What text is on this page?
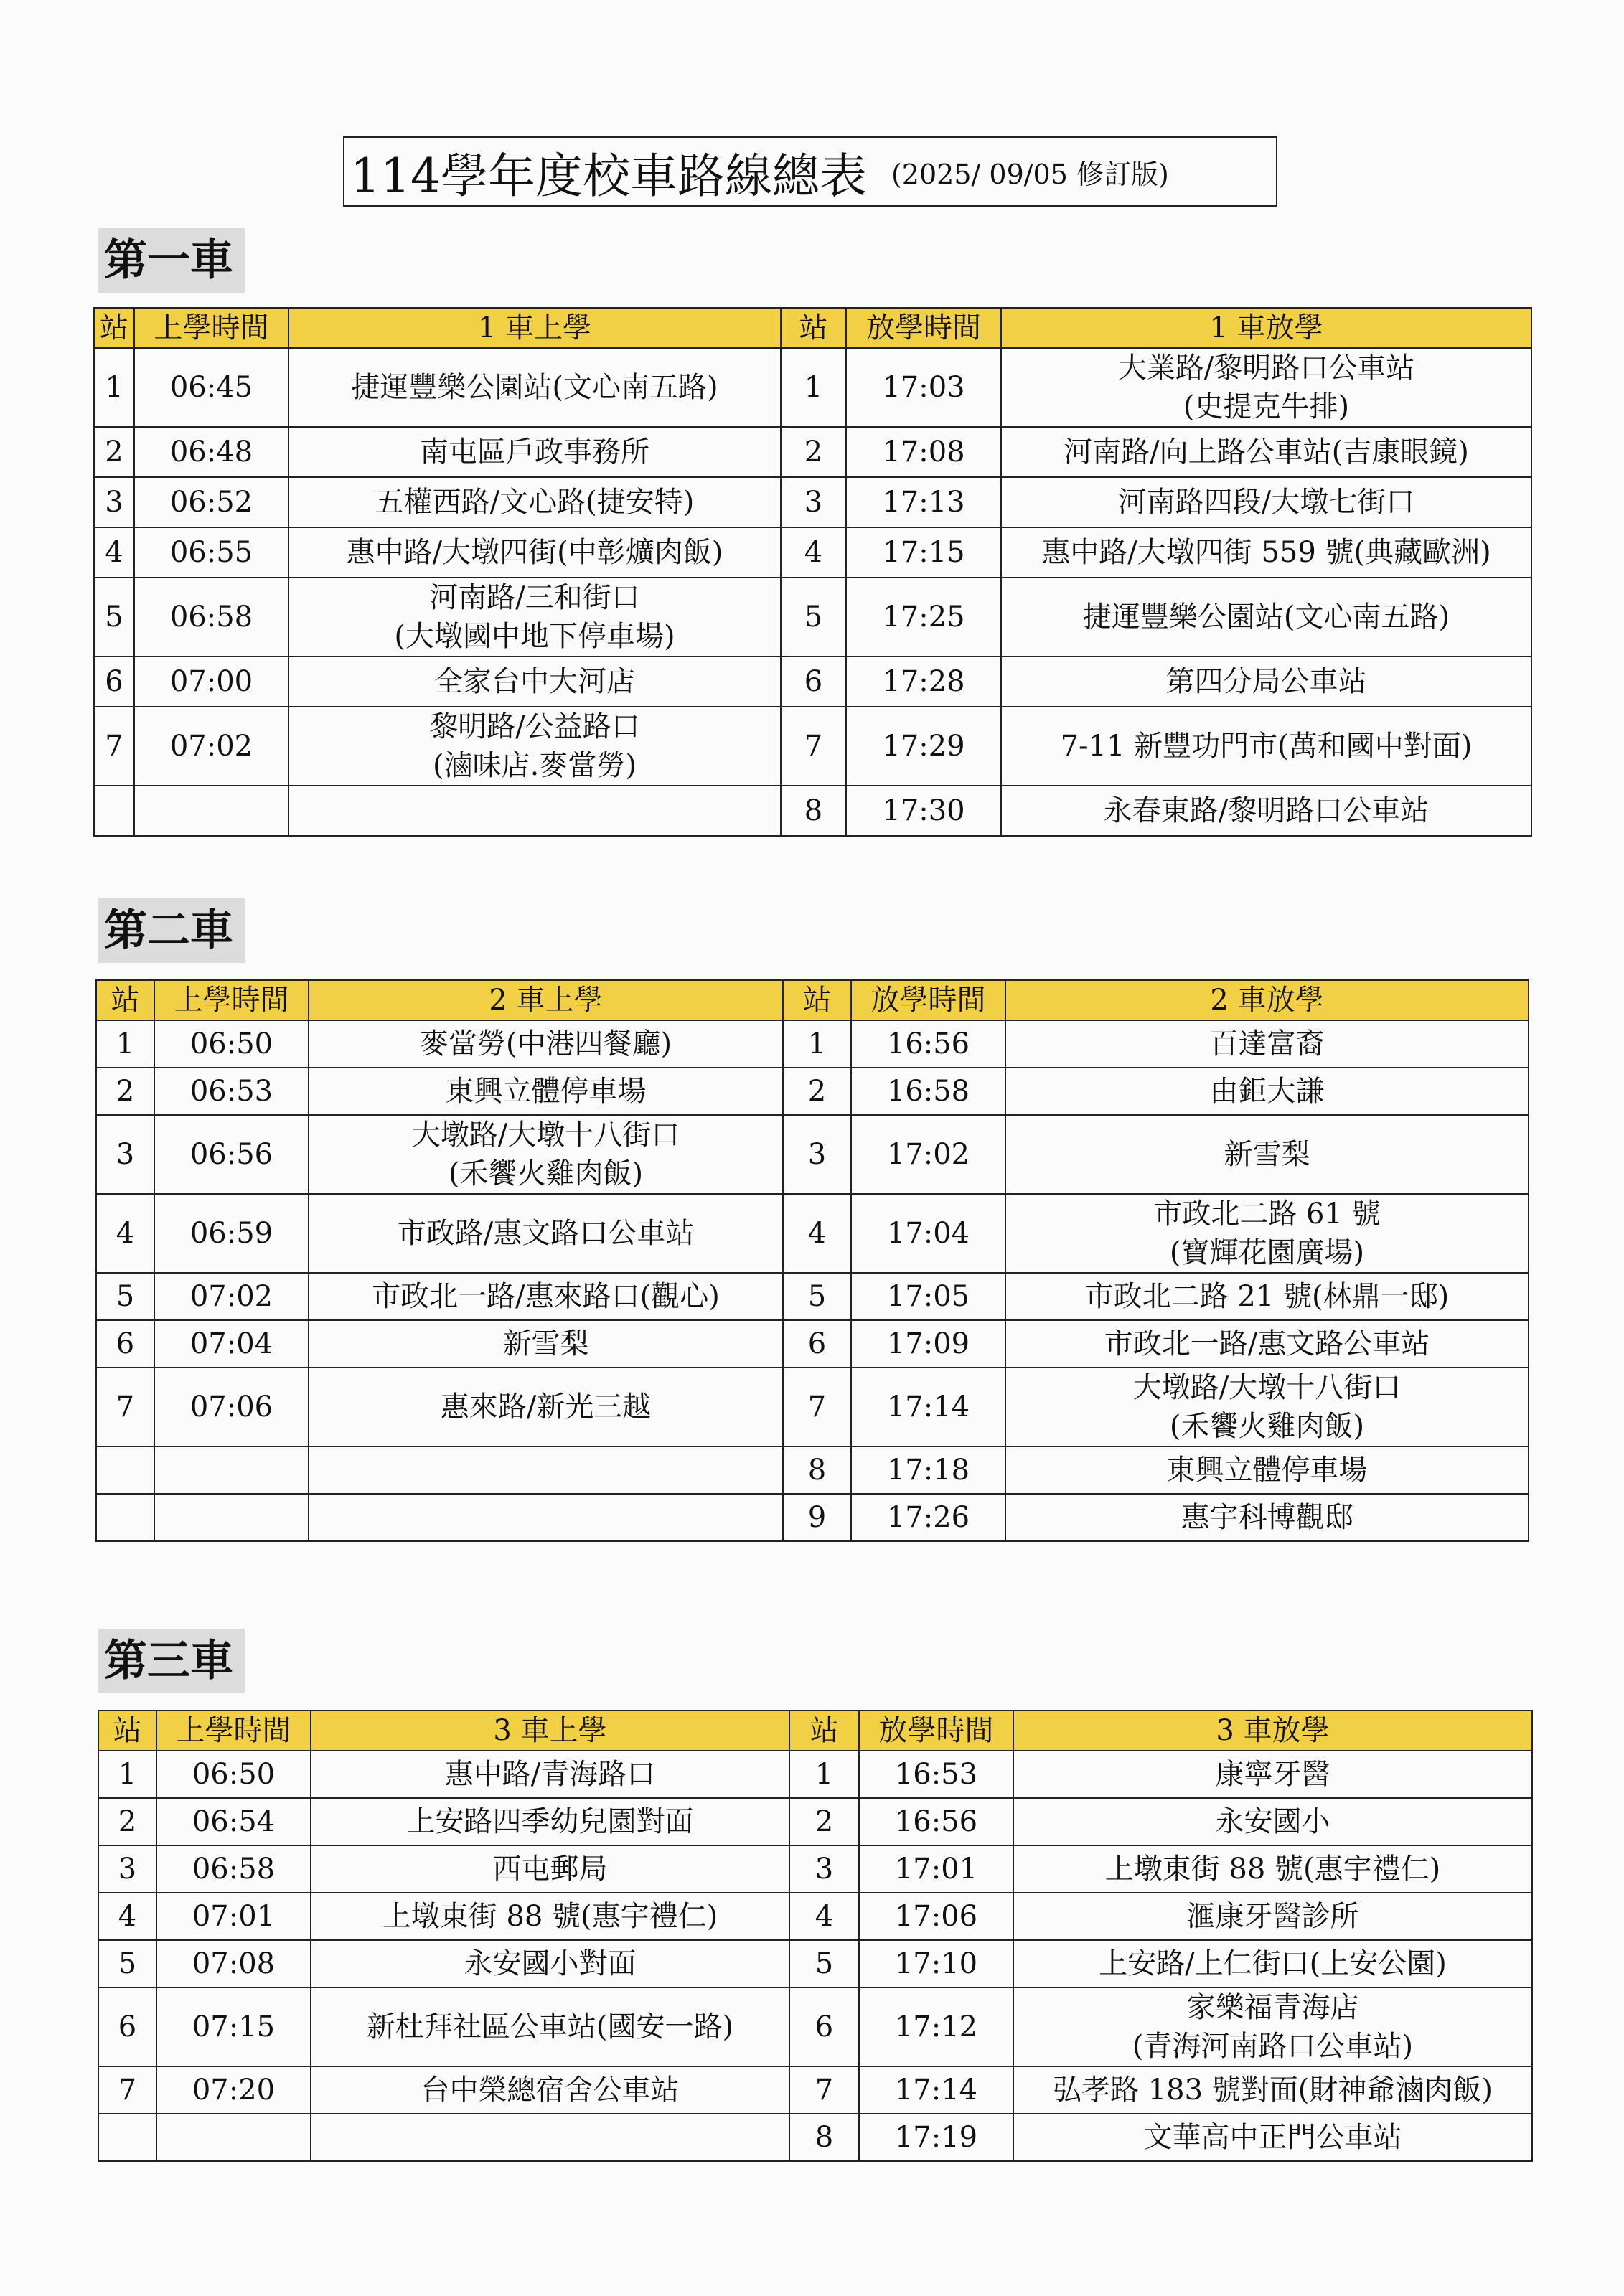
114學年度校車路線總表 (2025/ 09/05 修訂版)
第一車
站	上學時間	1 車上學	站	放學時間	1 車放學
1	06:45	捷運豐樂公園站(文心南五路)	1	17:03	大業路/黎明路口公車站
(史提克牛排)
2	06:48	南屯區戶政事務所	2	17:08	河南路/向上路公車站(吉康眼鏡)
3	06:52	五權西路/文心路(捷安特)	3	17:13	河南路四段/大墩七街口
4	06:55	惠中路/大墩四街(中彰爌肉飯)	4	17:15	惠中路/大墩四街 559 號(典藏歐洲)
5	06:58	河南路/三和街口
(大墩國中地下停車場)	5	17:25	捷運豐樂公園站(文心南五路)
6	07:00	全家台中大河店	6	17:28	第四分局公車站
7	07:02	黎明路/公益路口
(滷味店.麥當勞)	7	17:29	7-11 新豐功門市(萬和國中對面)
			8	17:30	永春東路/黎明路口公車站
第二車
站	上學時間	2 車上學	站	放學時間	2 車放學
1	06:50	麥當勞(中港四餐廳)	1	16:56	百達富裔
2	06:53	東興立體停車場	2	16:58	由鉅大謙
3	06:56	大墩路/大墩十八街口
(禾饗火雞肉飯)	3	17:02	新雪梨
4	06:59	市政路/惠文路口公車站	4	17:04	市政北二路 61 號
(寶輝花園廣場)
5	07:02	市政北一路/惠來路口(觀心)	5	17:05	市政北二路 21 號(林鼎一邸)
6	07:04	新雪梨	6	17:09	市政北一路/惠文路公車站
7	07:06	惠來路/新光三越	7	17:14	大墩路/大墩十八街口
(禾饗火雞肉飯)
			8	17:18	東興立體停車場
			9	17:26	惠宇科博觀邸
第三車
站	上學時間	3 車上學	站	放學時間	3 車放學
1	06:50	惠中路/青海路口	1	16:53	康寧牙醫
2	06:54	上安路四季幼兒園對面	2	16:56	永安國小
3	06:58	西屯郵局	3	17:01	上墩東街 88 號(惠宇禮仁)
4	07:01	上墩東街 88 號(惠宇禮仁)	4	17:06	滙康牙醫診所
5	07:08	永安國小對面	5	17:10	上安路/上仁街口(上安公園)
6	07:15	新杜拜社區公車站(國安一路)	6	17:12	家樂福青海店
(青海河南路口公車站)
7	07:20	台中榮總宿舍公車站	7	17:14	弘孝路 183 號對面(財神爺滷肉飯)
			8	17:19	文華高中正門公車站
